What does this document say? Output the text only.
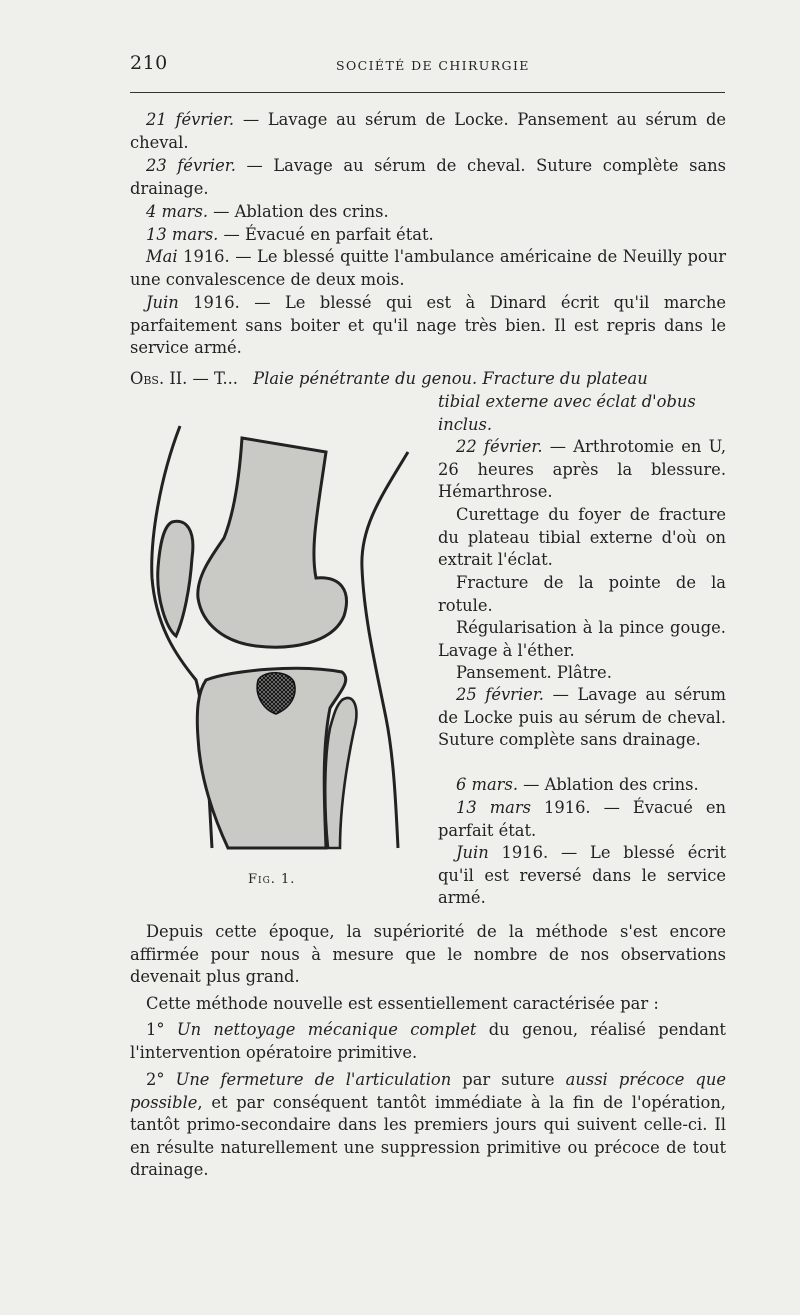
210	SOCIÉTÉ DE CHIRURGIE

21 février. — Lavage au sérum de Locke. Pansement au sérum de cheval.

23 février. — Lavage au sérum de cheval. Suture complète sans drainage.

4 mars. — Ablation des crins.

13 mars. — Évacué en parfait état.

Mai 1916. — Le blessé quitte l'ambulance américaine de Neuilly pour une convalescence de deux mois.

Juin 1916. — Le blessé qui est à Dinard écrit qu'il marche parfaitement sans boiter et qu'il nage très bien. Il est repris dans le service armé.

Obs. II. — T... Plaie pénétrante du genou. Fracture du plateau

tibial externe avec éclat d'obus inclus.

Fig. 1.

22 février. — Arthrotomie en U, 26 heures après la blessure. Hémarthrose.

Curettage du foyer de fracture du plateau tibial externe d'où on extrait l'éclat.

Fracture de la pointe de la rotule.

Régularisation à la pince gouge. Lavage à l'éther.

Pansement. Plâtre.

25 février. — Lavage au sérum de Locke puis au sérum de cheval. Suture complète sans drainage.

6 mars. — Ablation des crins.

13 mars 1916. — Évacué en parfait état.

Juin 1916. — Le blessé écrit qu'il est reversé dans le service armé.

Depuis cette époque, la supériorité de la méthode s'est encore affirmée pour nous à mesure que le nombre de nos observations devenait plus grand.

Cette méthode nouvelle est essentiellement caractérisée par :

1° Un nettoyage mécanique complet du genou, réalisé pendant l'intervention opératoire primitive.

2° Une fermeture de l'articulation par suture aussi précoce que possible, et par conséquent tantôt immédiate à la fin de l'opération, tantôt primo-secondaire dans les premiers jours qui suivent celle-ci. Il en résulte naturellement une suppression primitive ou précoce de tout drainage.
